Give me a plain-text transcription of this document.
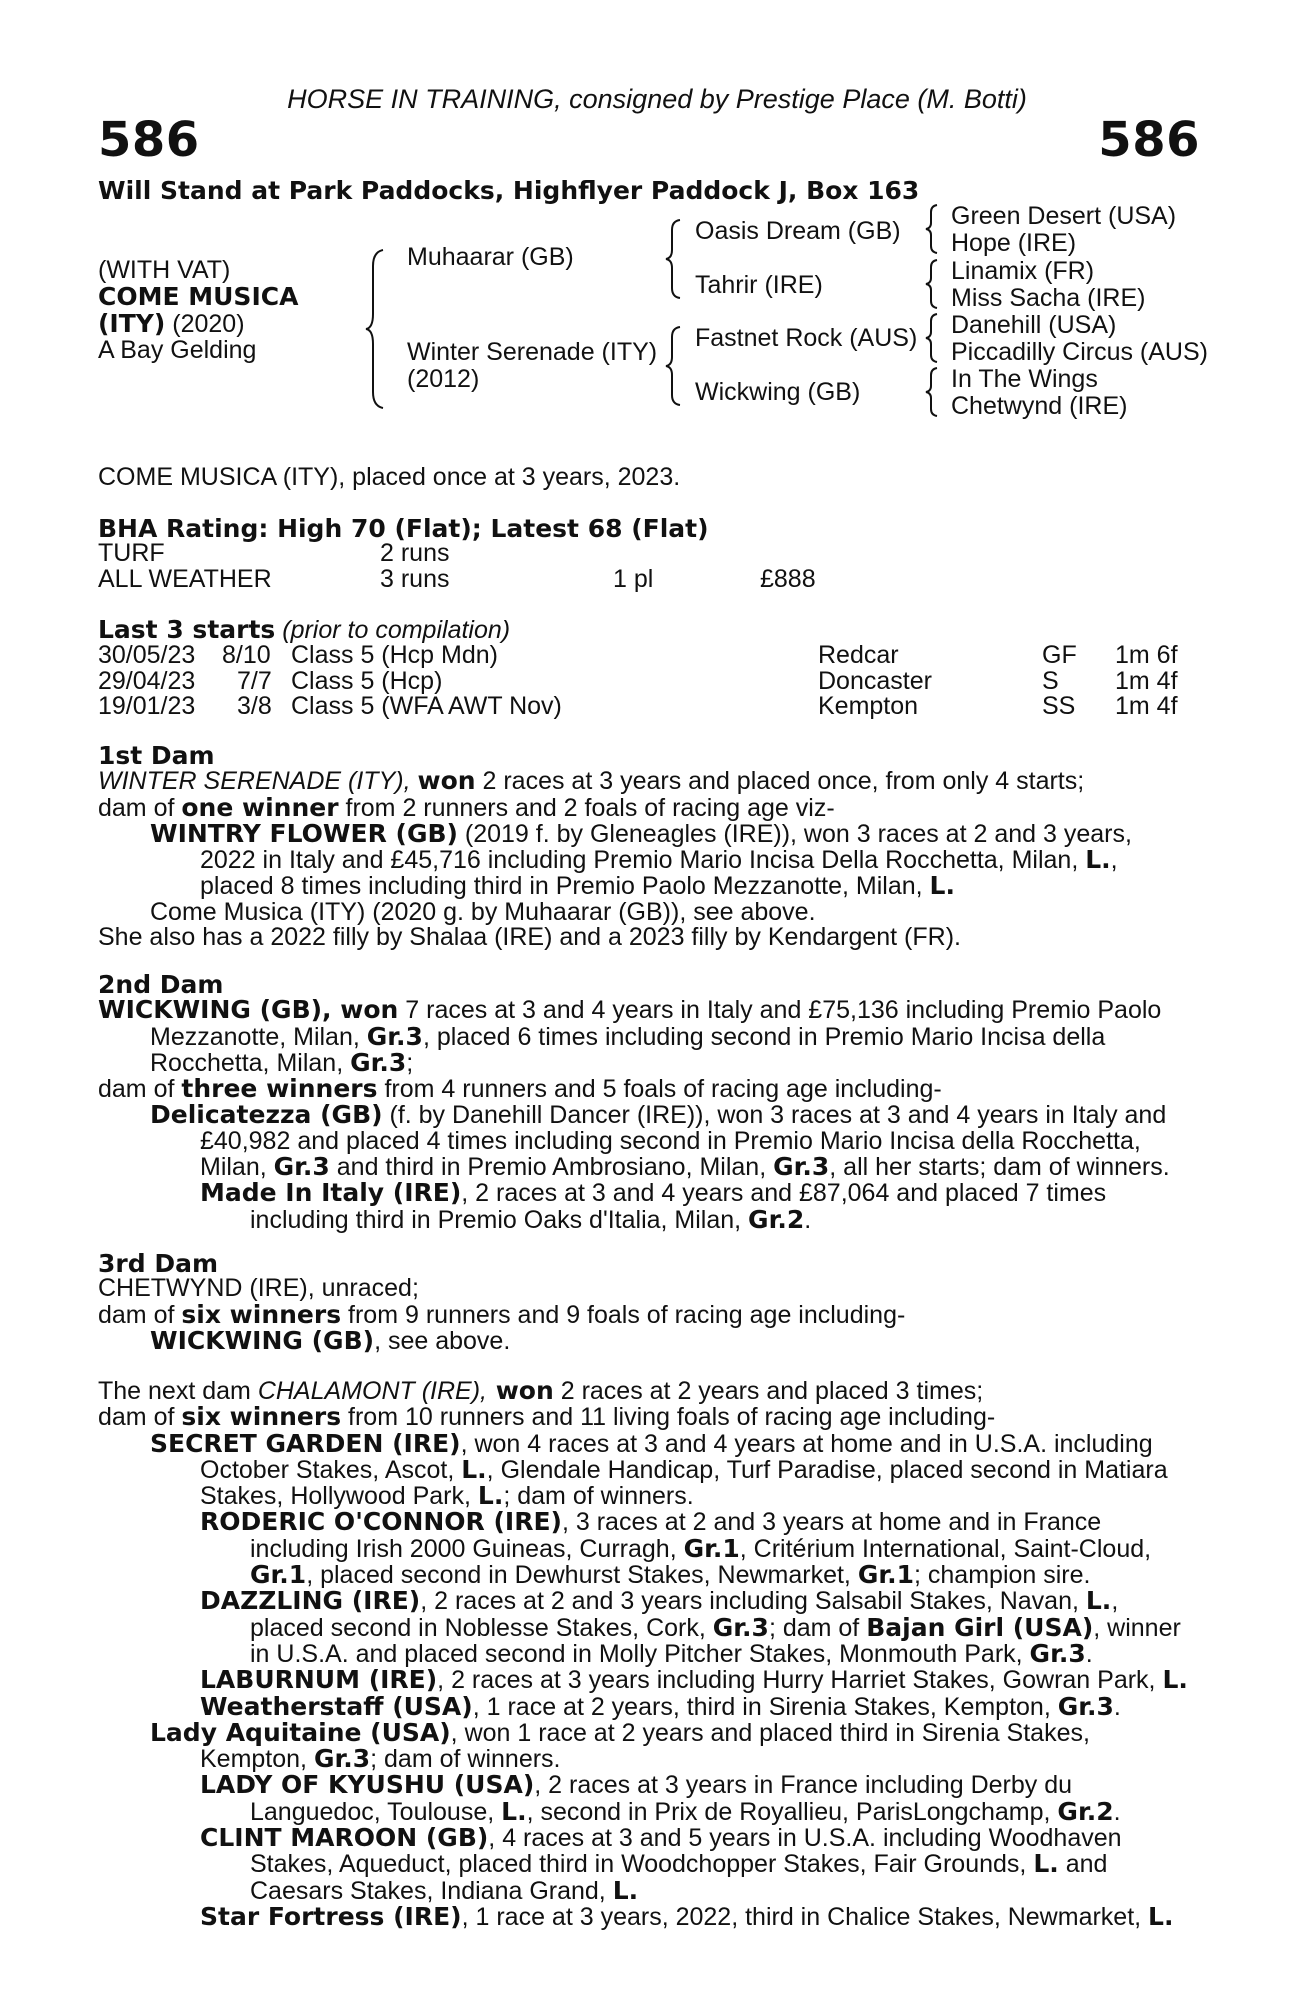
HORSE IN TRAINING, consigned by Prestige Place (M. Botti)
586	586
Will Stand at Park Paddocks, Highflyer Paddock J, Box 163
(WITH VAT)
COME MUSICA
(ITY) (2020)
A Bay Gelding
Muhaarar (GB)
Winter Serenade (ITY)
(2012)
Oasis Dream (GB)
Tahrir (IRE)
Fastnet Rock (AUS)
Wickwing (GB)
Green Desert (USA)
Hope (IRE)
Linamix (FR)
Miss Sacha (IRE)
Danehill (USA)
Piccadilly Circus (AUS)
In The Wings
Chetwynd (IRE)
COME MUSICA (ITY), placed once at 3 years, 2023.
BHA Rating: High 70 (Flat); Latest 68 (Flat)
TURF	2 runs
ALL WEATHER	3 runs	1 pl	£888
Last 3 starts (prior to compilation)
30/05/23 8/10 Class 5 (Hcp Mdn)	Redcar	GF 1m 6f
29/04/23 7/7 Class 5 (Hcp)	Doncaster	S 1m 4f
19/01/23 3/8 Class 5 (WFA AWT Nov)	Kempton	SS 1m 4f
1st Dam
WINTER SERENADE (ITY), won 2 races at 3 years and placed once, from only 4 starts;
dam of one winner from 2 runners and 2 foals of racing age viz-
WINTRY FLOWER (GB) (2019 f. by Gleneagles (IRE)), won 3 races at 2 and 3 years,
2022 in Italy and £45,716 including Premio Mario Incisa Della Rocchetta, Milan, L.,
placed 8 times including third in Premio Paolo Mezzanotte, Milan, L.
Come Musica (ITY) (2020 g. by Muhaarar (GB)), see above.
She also has a 2022 filly by Shalaa (IRE) and a 2023 filly by Kendargent (FR).
2nd Dam
WICKWING (GB), won 7 races at 3 and 4 years in Italy and £75,136 including Premio Paolo
Mezzanotte, Milan, Gr.3, placed 6 times including second in Premio Mario Incisa della
Rocchetta, Milan, Gr.3;
dam of three winners from 4 runners and 5 foals of racing age including-
Delicatezza (GB) (f. by Danehill Dancer (IRE)), won 3 races at 3 and 4 years in Italy and
£40,982 and placed 4 times including second in Premio Mario Incisa della Rocchetta,
Milan, Gr.3 and third in Premio Ambrosiano, Milan, Gr.3, all her starts; dam of winners.
Made In Italy (IRE), 2 races at 3 and 4 years and £87,064 and placed 7 times
including third in Premio Oaks d'Italia, Milan, Gr.2.
3rd Dam
CHETWYND (IRE), unraced;
dam of six winners from 9 runners and 9 foals of racing age including-
WICKWING (GB), see above.
The next dam CHALAMONT (IRE), won 2 races at 2 years and placed 3 times;
dam of six winners from 10 runners and 11 living foals of racing age including-
SECRET GARDEN (IRE), won 4 races at 3 and 4 years at home and in U.S.A. including
October Stakes, Ascot, L., Glendale Handicap, Turf Paradise, placed second in Matiara
Stakes, Hollywood Park, L.; dam of winners.
RODERIC O'CONNOR (IRE), 3 races at 2 and 3 years at home and in France
including Irish 2000 Guineas, Curragh, Gr.1, Critérium International, Saint-Cloud,
Gr.1, placed second in Dewhurst Stakes, Newmarket, Gr.1; champion sire.
DAZZLING (IRE), 2 races at 2 and 3 years including Salsabil Stakes, Navan, L.,
placed second in Noblesse Stakes, Cork, Gr.3; dam of Bajan Girl (USA), winner
in U.S.A. and placed second in Molly Pitcher Stakes, Monmouth Park, Gr.3.
LABURNUM (IRE), 2 races at 3 years including Hurry Harriet Stakes, Gowran Park, L.
Weatherstaff (USA), 1 race at 2 years, third in Sirenia Stakes, Kempton, Gr.3.
Lady Aquitaine (USA), won 1 race at 2 years and placed third in Sirenia Stakes,
Kempton, Gr.3; dam of winners.
LADY OF KYUSHU (USA), 2 races at 3 years in France including Derby du
Languedoc, Toulouse, L., second in Prix de Royallieu, ParisLongchamp, Gr.2.
CLINT MAROON (GB), 4 races at 3 and 5 years in U.S.A. including Woodhaven
Stakes, Aqueduct, placed third in Woodchopper Stakes, Fair Grounds, L. and
Caesars Stakes, Indiana Grand, L.
Star Fortress (IRE), 1 race at 3 years, 2022, third in Chalice Stakes, Newmarket, L.
